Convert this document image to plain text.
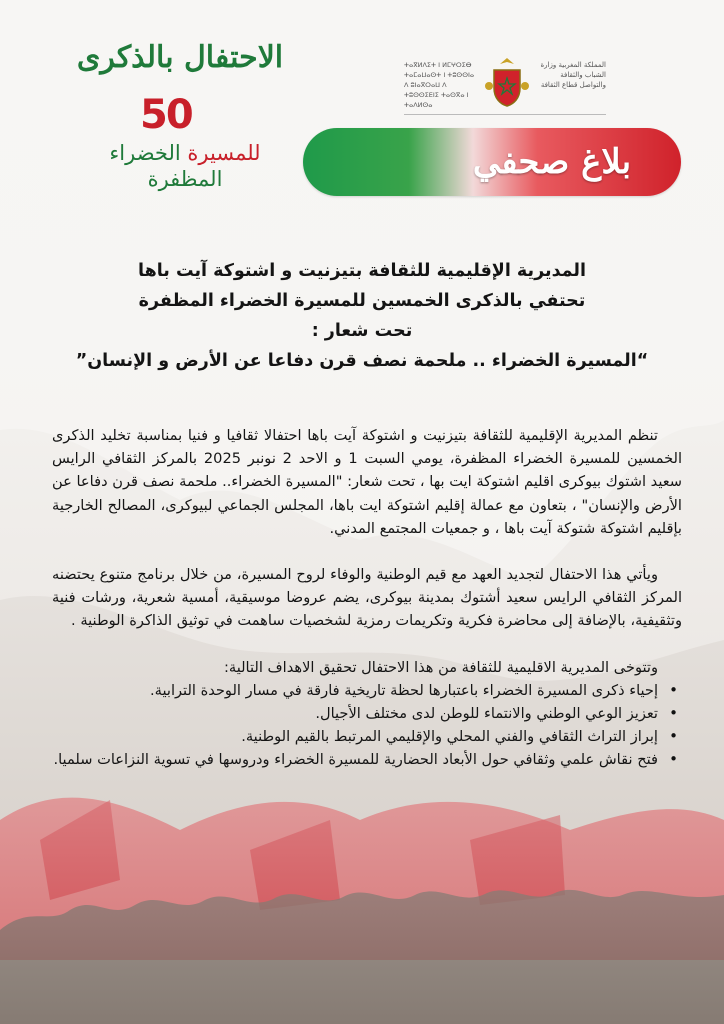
الاحتفال بالذكرى
50
للمسيرة الخضراء المظفرة
ⵜⴰⴳⵍⴷⵉⵜ ⵏ ⵍⵎⵖⵔⵉⴱ ⵜⴰⵎⴰⵡⴰⵙⵜ ⵏ ⵜⵓⵙⵙⵏⴰ ⴷ ⵓⵏⴰⴳⵔⴰⵡ ⴷ ⵜⵓⵙⵙⵉⴹⵏⵉ ⵜⴰⵙⴳⴰ ⵏ ⵜⴰⴷⵍⵙⴰ
المملكة المغربية وزارة الشباب والثقافة والتواصل قطاع الثقافة
بلاغ صحفي
المديرية الإقليمية للثقافة بتيزنيت و اشتوكة آيت باها
تحتفي بالذكرى الخمسين للمسيرة الخضراء المظفرة
تحت شعار :
“المسيرة الخضراء .. ملحمة نصف قرن دفاعا عن الأرض و الإنسان”

تنظم المديرية الإقليمية للثقافة بتيزنيت و اشتوكة آيت باها احتفالا ثقافيا و فنيا بمناسبة تخليد الذكرى الخمسين للمسيرة الخضراء المظفرة، يومي السبت 1 و الاحد 2 نونبر 2025 بالمركز الثقافي الرايس سعيد اشتوك بيوكرى اقليم اشتوكة ايت بها ، تحت شعار: "المسيرة الخضراء.. ملحمة نصف قرن دفاعا عن الأرض والإنسان" ، بتعاون مع عمالة إقليم اشتوكة ايت باها، المجلس الجماعي لبيوكرى، المصالح الخارجية بإقليم اشتوكة شتوكة آيت باها ، و جمعيات المجتمع المدني.

ويأتي هذا الاحتفال لتجديد العهد مع قيم الوطنية والوفاء لروح المسيرة، من خلال برنامج متنوع يحتضنه المركز الثقافي الرايس سعيد أشتوك بمدينة بيوكرى، يضم عروضا موسيقية، أمسية شعرية، ورشات فنية وتثقيفية، بالإضافة إلى محاضرة فكرية وتكريمات رمزية لشخصيات ساهمت في توثيق الذاكرة الوطنية .

وتتوخى المديرية الاقليمية للثقافة من هذا الاحتفال تحقيق الاهداف التالية:

• إحياء ذكرى المسيرة الخضراء باعتبارها لحظة تاريخية فارقة في مسار الوحدة الترابية.
• تعزيز الوعي الوطني والانتماء للوطن لدى مختلف الأجيال.
• إبراز التراث الثقافي والفني المحلي والإقليمي المرتبط بالقيم الوطنية.
• فتح نقاش علمي وثقافي حول الأبعاد الحضارية للمسيرة الخضراء ودروسها في تسوية النزاعات سلميا.
